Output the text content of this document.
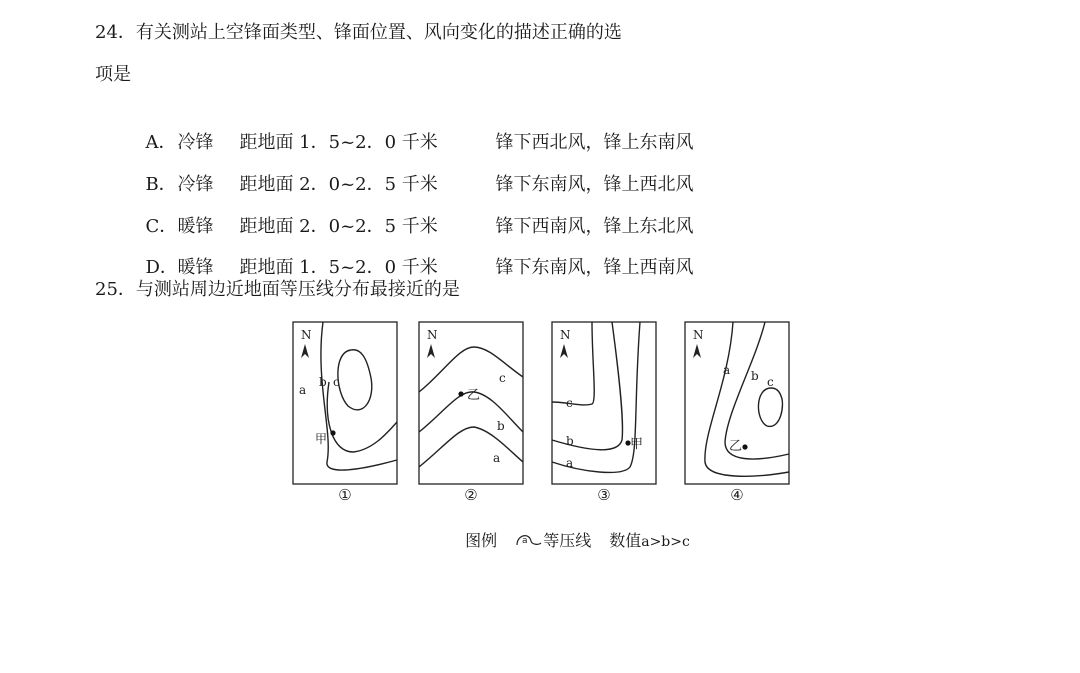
24．有关测站上空锋面类型、锋面位置、风向变化的描述正确的选
项是

A．冷锋 距地面 1．5~2．0 千米	锋下西北风，锋上东南风

B．冷锋 距地面 2．0~2．5 千米	锋下东南风，锋上西北风

C．暖锋 距地面 2．0~2．5 千米	锋下西南风，锋上东北风

D．暖锋 距地面 1．5~2．0 千米	锋下东南风，锋上西南风

25．与测站周边近地面等压线分布最接近的是
N
a
b c
甲
N
c
b
a
乙
N
c
b
a
甲
N
a b c
乙
①	②	③	④

图例	a 等压线 数值a>b>c
